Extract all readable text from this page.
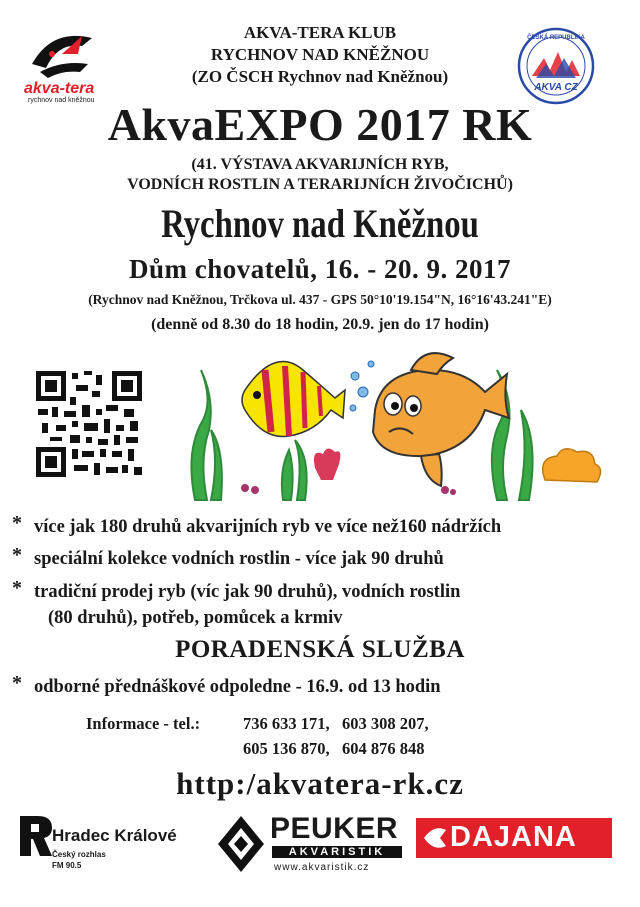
akva-tera
rychnov nad kněžnou
ČESKÁ REPUBLIKA
AKVA CZ
AKVA-TERA KLUB
RYCHNOV NAD KNĚŽNOU
(ZO ČSCH Rychnov nad Kněžnou)
AkvaEXPO 2017 RK
(41. VÝSTAVA AKVARIJNÍCH RYB,
VODNÍCH ROSTLIN A TERARIJNÍCH ŽIVOČICHŮ)
Rychnov nad Kněžnou
Dům chovatelů, 16. - 20. 9. 2017
(Rychnov nad Kněžnou, Trčkova ul. 437 - GPS 50°10'19.154"N, 16°16'43.241"E)
(denně od 8.30 do 18 hodin, 20.9. jen do 17 hodin)
* více jak 180 druhů akvarijních ryb ve více než160 nádržích
* speciální kolekce vodních rostlin - více jak 90 druhů
* tradiční prodej ryb (víc jak 90 druhů), vodních rostlin
(80 druhů), potřeb, pomůcek a krmiv
PORADENSKÁ SLUŽBA
* odborné přednáškové odpoledne - 16.9. od 13 hodin
Informace - tel.:	736 633 171,   603 308 207,
605 136 870,   604 876 848
http:/akvatera-rk.cz
Hradec Králové
Český rozhlas
FM 90.5
PEUKER
AKVARISTIK
www.akvaristik.cz
DAJANA
